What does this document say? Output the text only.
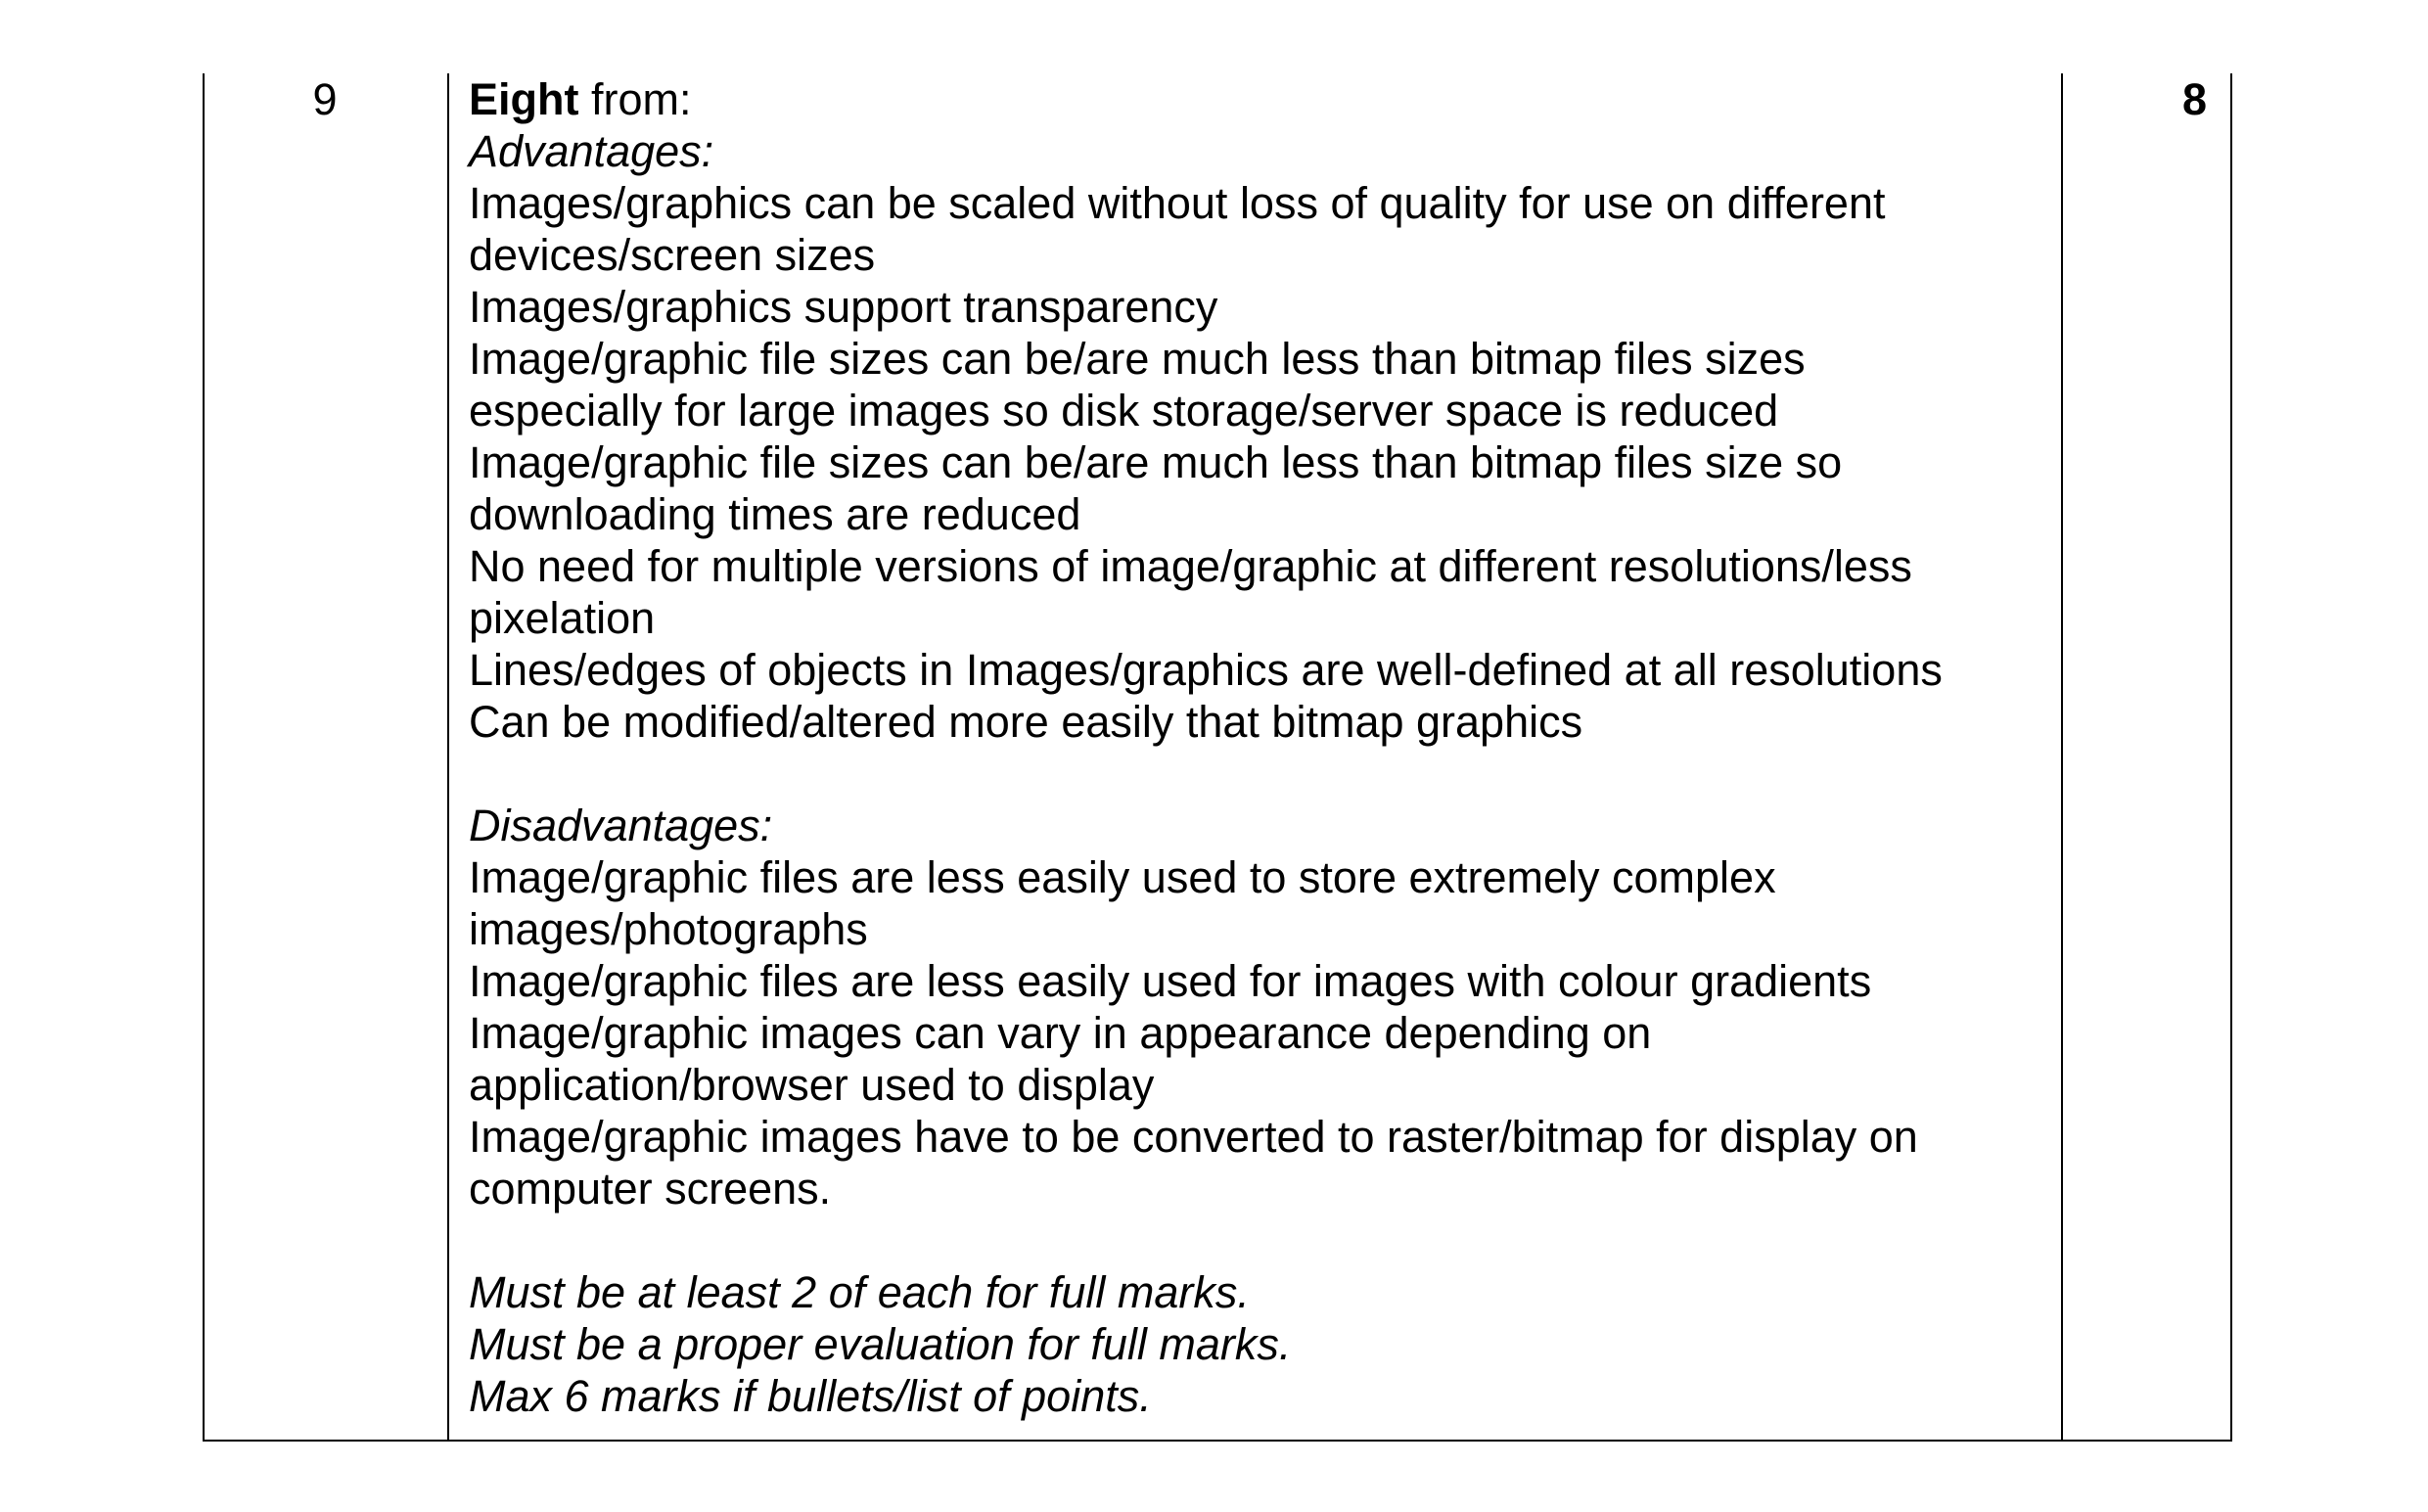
9	Eight from:
Advantages:
Images/graphics can be scaled without loss of quality for use on different
devices/screen sizes
Images/graphics support transparency
Image/graphic file sizes can be/are much less than bitmap files sizes
especially for large images so disk storage/server space is reduced
Image/graphic file sizes can be/are much less than bitmap files size so
downloading times are reduced
No need for multiple versions of image/graphic at different resolutions/less
pixelation
Lines/edges of objects in Images/graphics are well-defined at all resolutions
Can be modified/altered more easily that bitmap graphics
Disadvantages:
Image/graphic files are less easily used to store extremely complex
images/photographs
Image/graphic files are less easily used for images with colour gradients
Image/graphic images can vary in appearance depending on
application/browser used to display
Image/graphic images have to be converted to raster/bitmap for display on
computer screens.
Must be at least 2 of each for full marks.
Must be a proper evaluation for full marks.
Max 6 marks if bullets/list of points.
8
